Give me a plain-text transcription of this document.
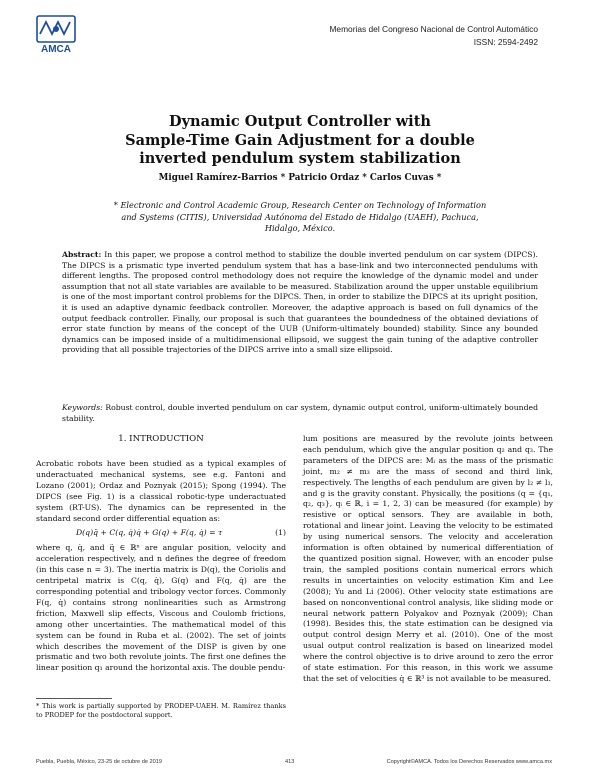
AMCA
Memorias del Congreso Nacional de Control Automático
ISSN: 2594-2492
Dynamic Output Controller with
Sample-Time Gain Adjustment for a double
inverted pendulum system stabilization
Miguel Ramírez-Barrios * Patricio Ordaz * Carlos Cuvas *
* Electronic and Control Academic Group, Research Center on Technology of Information and Systems (CITIS), Universidad Autónoma del Estado de Hidalgo (UAEH), Pachuca, Hidalgo, México.
Abstract: In this paper, we propose a control method to stabilize the double inverted pendulum on car system (DIPCS). The DIPCS is a prismatic type inverted pendulum system that has a base-link and two interconnected pendulums with different lengths. The proposed control methodology does not require the knowledge of the dynamic model and under assumption that not all state variables are available to be measured. Stabilization around the upper unstable equilibrium is one of the most important control problems for the DIPCS. Then, in order to stabilize the DIPCS at its upright position, it is used an adaptive dynamic feedback controller. Moreover, the adaptive approach is based on full dynamics of the output feedback controller. Finally, our proposal is such that guarantees the boundedness of the obtained deviations of error state function by means of the concept of the UUB (Uniform-ultimately bounded) stability. Since any bounded dynamics can be imposed inside of a multidimensional ellipsoid, we suggest the gain tuning of the adaptive controller providing that all possible trajectories of the DIPCS arrive into a small size ellipsoid.
Keywords: Robust control, double inverted pendulum on car system, dynamic output control, uniform-ultimately bounded stability.
1. INTRODUCTION

Acrobatic robots have been studied as a typical examples of underactuated mechanical systems, see e.g. Fantoni and Lozano (2001); Ordaz and Poznyak (2015); Spong (1994). The DIPCS (see Fig. 1) is a classical robotic-type underactuated system (RT-US). The dynamics can be represented in the standard second order differential equation as:

D(q)q̈ + C(q, q̇)q̇ + G(q) + F(q, q̇) = τ	(1)

where q, q̇, and q̈ ∈ ℝⁿ are angular position, velocity and acceleration respectively, and n defines the degree of freedom (in this case n = 3). The inertia matrix is D(q), the Coriolis and centripetal matrix is C(q, q̇), G(q) and F(q, q̇) are the corresponding potential and tribology vector forces. Commonly F(q, q̇) contains strong nonlinearities such as Armstrong friction, Maxwell slip effects, Viscous and Coulomb frictions, among other uncertainties. The mathematical model of this system can be found in Ruba et al. (2002). The set of joints which describes the movement of the DISP is given by one prismatic and two both revolute joints. The first one defines the linear position q₁ around the horizontal axis. The double pendu-

lum positions are measured by the revolute joints between each pendulum, which give the angular position q₂ and q₃. The parameters of the DIPCS are: Mᵢ as the mass of the prismatic joint, m₂ ≠ m₃ are the mass of second and third link, respectively. The lengths of each pendulum are given by l₂ ≠ l₃, and g is the gravity constant. Physically, the positions (q = {q₁, q₂, q₃}, qᵢ ∈ ℝ, i = 1, 2, 3) can be measured (for example) by resistive or optical sensors. They are available in both, rotational and linear joint. Leaving the velocity to be estimated by using numerical sensors. The velocity and acceleration information is often obtained by numerical differentiation of the quantized position signal. However, with an encoder pulse train, the sampled positions contain numerical errors which results in uncertainties on velocity estimation Kim and Lee (2008); Yu and Li (2006). Other velocity state estimations are based on nonconventional control analysis, like sliding mode or neural network pattern Polyakov and Poznyak (2009); Chan (1998). Besides this, the state estimation can be designed via output control design Merry et al. (2010). One of the most usual output control realization is based on linearized model where the control objective is to drive around to zero the error of state estimation. For this reason, in this work we assume that the set of velocities q̇ ∈ ℝ³ is not available to be measured.

* This work is partially supported by PRODEP-UAEH. M. Ramírez thanks to PRODEP for the postdoctoral support.
Puebla, Puebla, México, 23-25 de octubre de 2019	413	Copyright©AMCA. Todos los Derechos Reservados www.amca.mx
